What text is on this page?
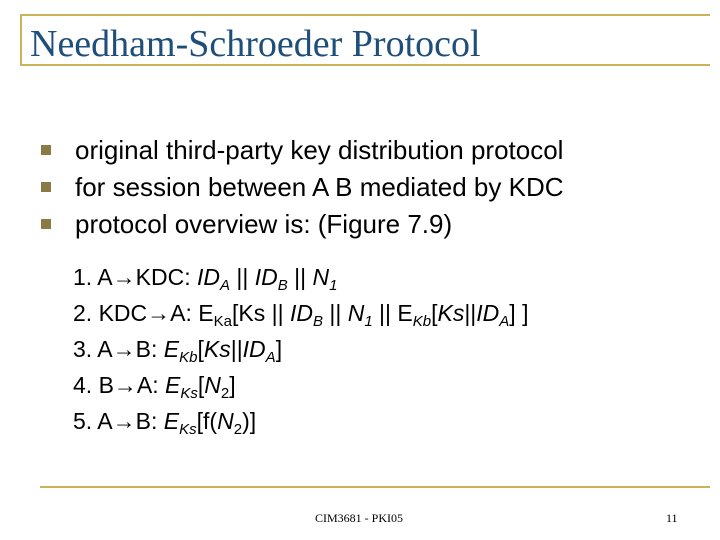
Needham-Schroeder Protocol
original third-party key distribution protocol
for session between A B mediated by KDC
protocol overview is: (Figure 7.9)
1. A→KDC: $ID_A$ || $ID_B$ || $N_1$
2. KDC→A: $E_{Ka}[Ks$ || $ID_B$ || $N_1$ || $E_{Kb}[Ks||ID_A]$ ]
3. A→B: $E_{Kb}[Ks||ID_A]$
4. B→A: $E_{Ks}[N_2]$
5. A→B: $E_{Ks}[f(N_2)]$
CIM3681 - PKI05	11
